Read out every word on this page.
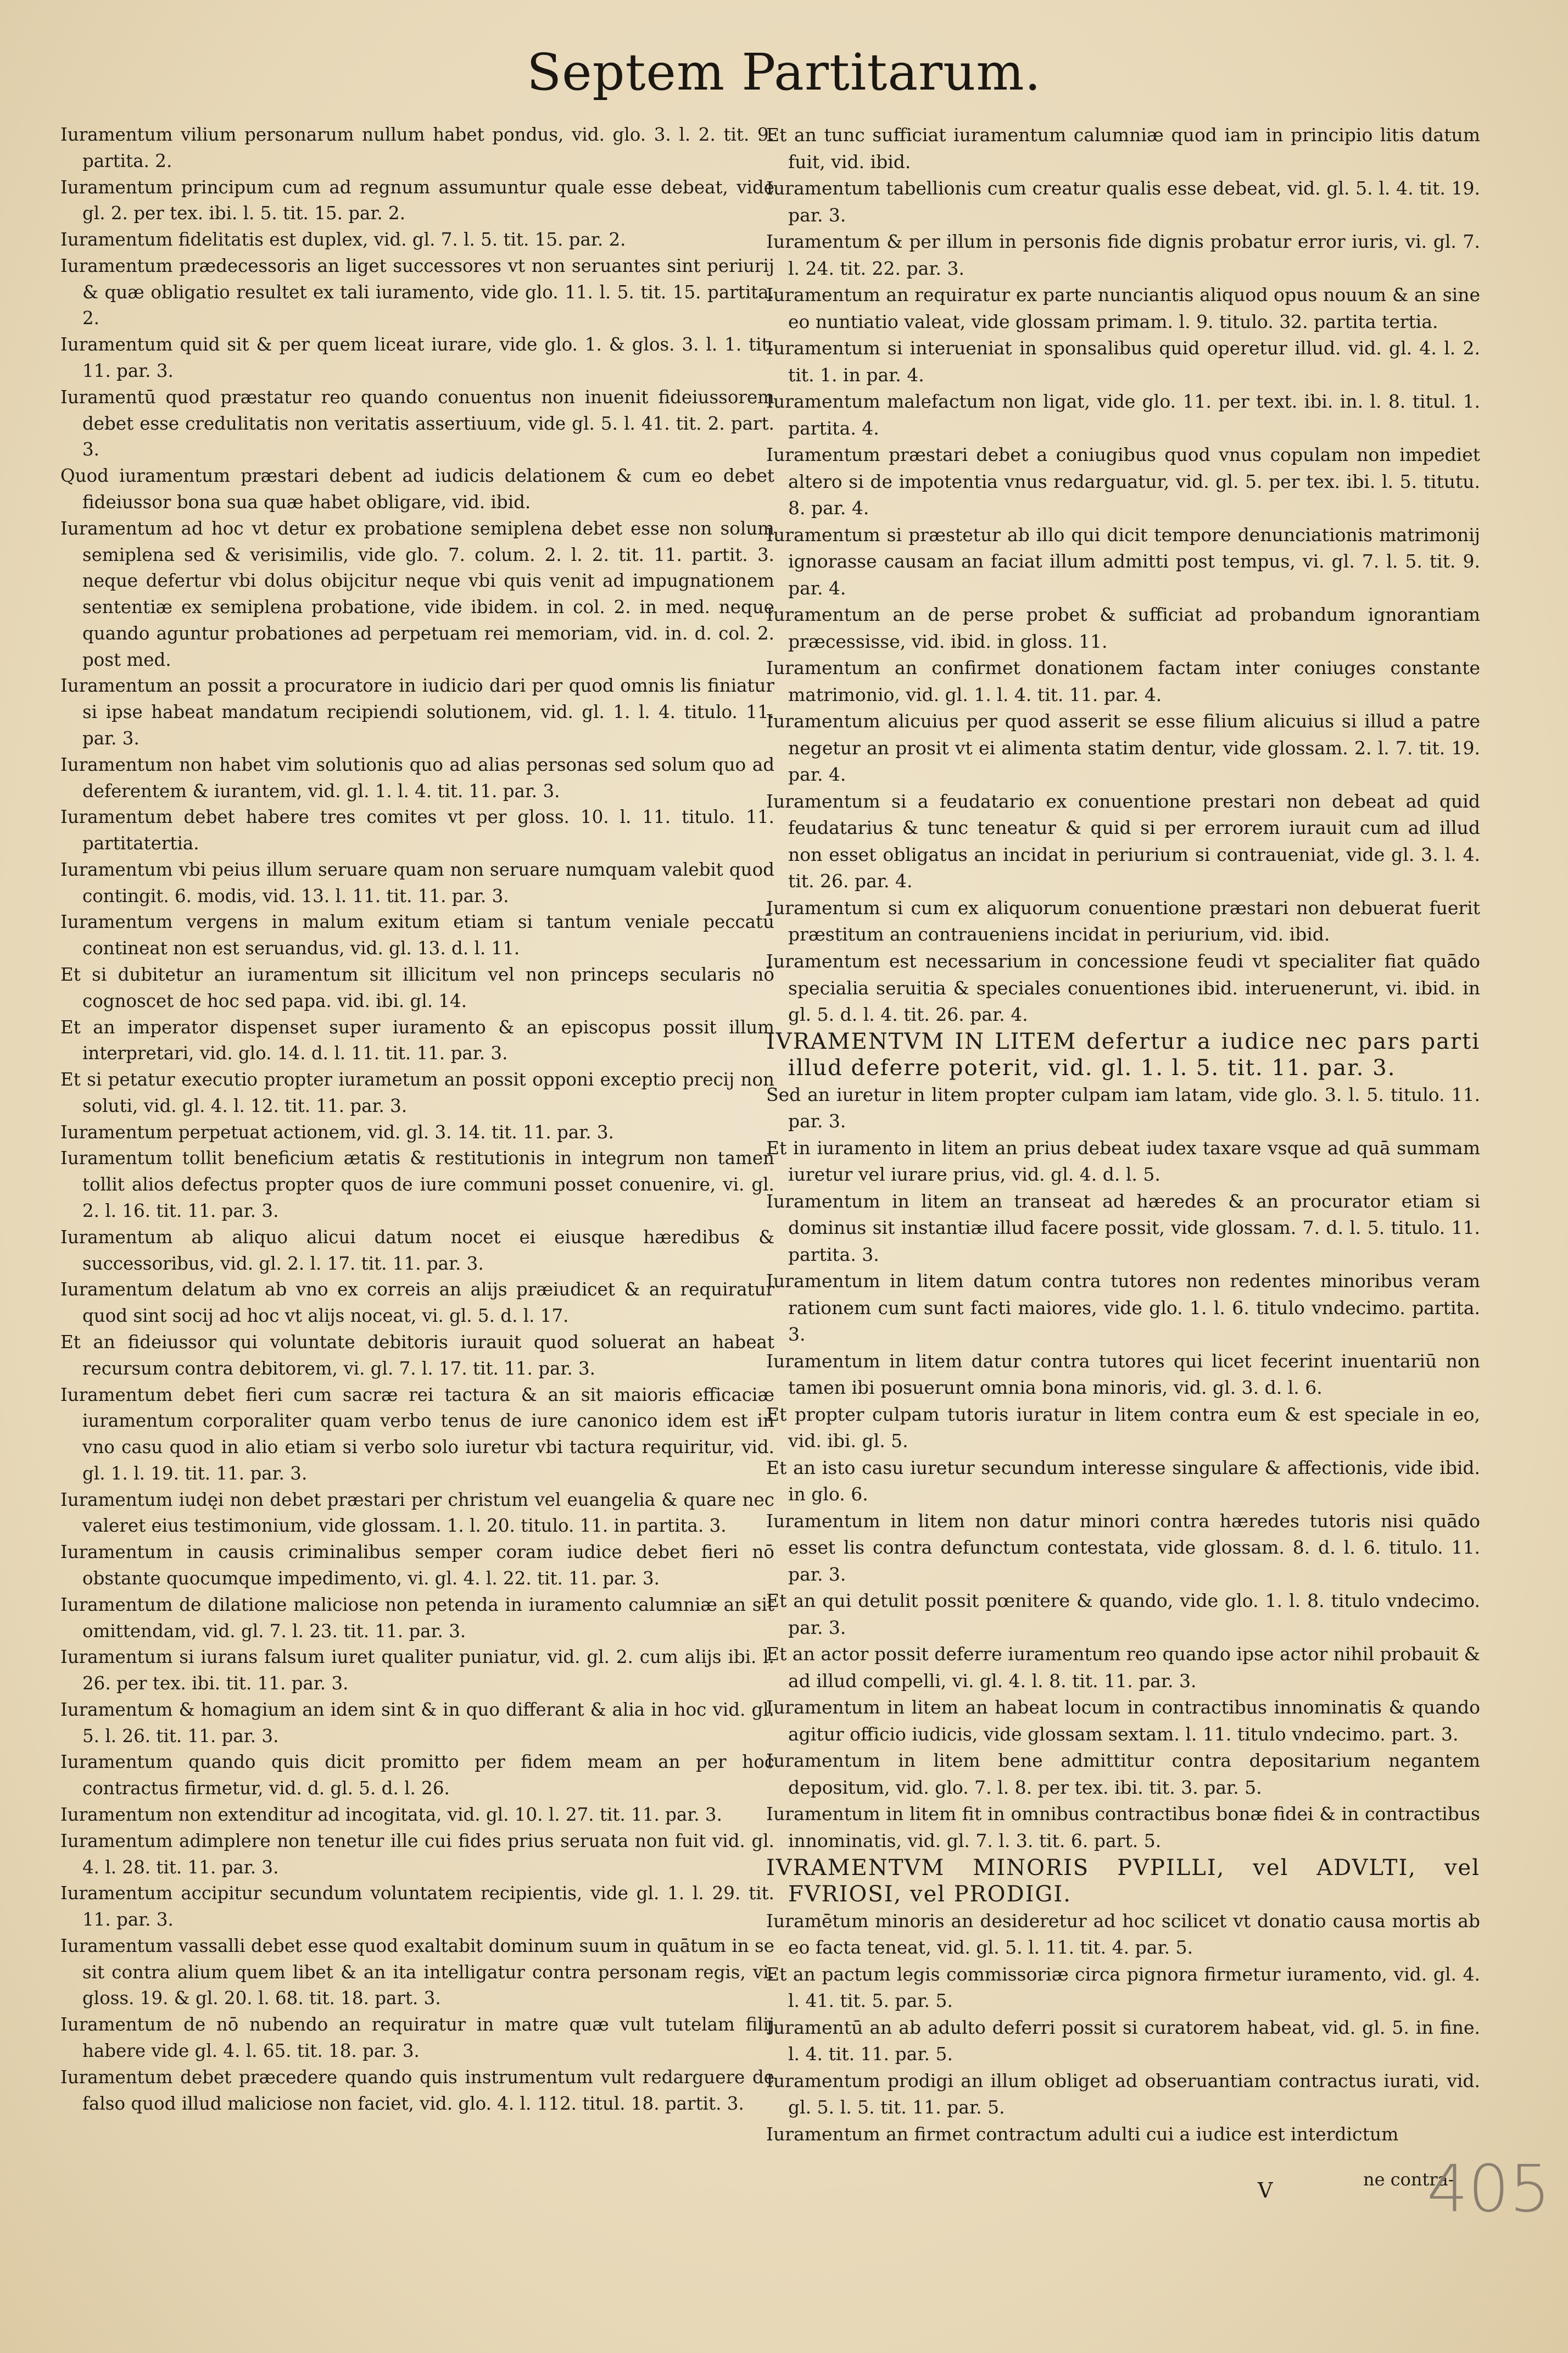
Septem Partitarum.

Iuramentum vilium personarum nullum habet pondus, vid. glo. 3. l. 2. tit. 9. partita. 2.

Iuramentum principum cum ad regnum assumuntur quale esse debeat, vide gl. 2. per tex. ibi. l. 5. tit. 15. par. 2.

Iuramentum fidelitatis est duplex, vid. gl. 7. l. 5. tit. 15. par. 2.

Iuramentum prædecessoris an liget successores vt non seruantes sint periurij & quæ obligatio resultet ex tali iuramento, vide glo. 11. l. 5. tit. 15. partita. 2.

Iuramentum quid sit & per quem liceat iurare, vide glo. 1. & glos. 3. l. 1. tit. 11. par. 3.

Iuramentū quod præstatur reo quando conuentus non inuenit fideiussorem debet esse credulitatis non veritatis assertiuum, vide gl. 5. l. 41. tit. 2. part. 3.

Quod iuramentum præstari debent ad iudicis delationem & cum eo debet fideiussor bona sua quæ habet obligare, vid. ibid.

Iuramentum ad hoc vt detur ex probatione semiplena debet esse non solum semiplena sed & verisimilis, vide glo. 7. colum. 2. l. 2. tit. 11. partit. 3. neque defertur vbi dolus obijcitur neque vbi quis venit ad impugnationem sententiæ ex semiplena probatione, vide ibidem. in col. 2. in med. neque quando aguntur probationes ad perpetuam rei memoriam, vid. in. d. col. 2. post med.

Iuramentum an possit a procuratore in iudicio dari per quod omnis lis finiatur si ipse habeat mandatum recipiendi solutionem, vid. gl. 1. l. 4. titulo. 11. par. 3.

Iuramentum non habet vim solutionis quo ad alias personas sed solum quo ad deferentem & iurantem, vid. gl. 1. l. 4. tit. 11. par. 3.

Iuramentum debet habere tres comites vt per gloss. 10. l. 11. titulo. 11. partitatertia.

Iuramentum vbi peius illum seruare quam non seruare numquam valebit quod contingit. 6. modis, vid. 13. l. 11. tit. 11. par. 3.

Iuramentum vergens in malum exitum etiam si tantum veniale peccatū contineat non est seruandus, vid. gl. 13. d. l. 11.

Et si dubitetur an iuramentum sit illicitum vel non princeps secularis nō cognoscet de hoc sed papa. vid. ibi. gl. 14.

Et an imperator dispenset super iuramento & an episcopus possit illum interpretari, vid. glo. 14. d. l. 11. tit. 11. par. 3.

Et si petatur executio propter iurametum an possit opponi exceptio precij non soluti, vid. gl. 4. l. 12. tit. 11. par. 3.

Iuramentum perpetuat actionem, vid. gl. 3. 14. tit. 11. par. 3.

Iuramentum tollit beneficium ætatis & restitutionis in integrum non tamen tollit alios defectus propter quos de iure communi posset conuenire, vi. gl. 2. l. 16. tit. 11. par. 3.

Iuramentum ab aliquo alicui datum nocet ei eiusque hæredibus & successoribus, vid. gl. 2. l. 17. tit. 11. par. 3.

Iuramentum delatum ab vno ex correis an alijs præiudicet & an requiratur quod sint socij ad hoc vt alijs noceat, vi. gl. 5. d. l. 17.

Et an fideiussor qui voluntate debitoris iurauit quod soluerat an habeat recursum contra debitorem, vi. gl. 7. l. 17. tit. 11. par. 3.

Iuramentum debet fieri cum sacræ rei tactura & an sit maioris efficaciæ iuramentum corporaliter quam verbo tenus de iure canonico idem est in vno casu quod in alio etiam si verbo solo iuretur vbi tactura requiritur, vid. gl. 1. l. 19. tit. 11. par. 3.

Iuramentum iudęi non debet præstari per christum vel euangelia & quare nec valeret eius testimonium, vide glossam. 1. l. 20. titulo. 11. in partita. 3.

Iuramentum in causis criminalibus semper coram iudice debet fieri nō obstante quocumque impedimento, vi. gl. 4. l. 22. tit. 11. par. 3.

Iuramentum de dilatione maliciose non petenda in iuramento calumniæ an sit omittendam, vid. gl. 7. l. 23. tit. 11. par. 3.

Iuramentum si iurans falsum iuret qualiter puniatur, vid. gl. 2. cum alijs ibi. l. 26. per tex. ibi. tit. 11. par. 3.

Iuramentum & homagium an idem sint & in quo differant & alia in hoc vid. gl. 5. l. 26. tit. 11. par. 3.

Iuramentum quando quis dicit promitto per fidem meam an per hoc contractus firmetur, vid. d. gl. 5. d. l. 26.

Iuramentum non extenditur ad incogitata, vid. gl. 10. l. 27. tit. 11. par. 3.

Iuramentum adimplere non tenetur ille cui fides prius seruata non fuit vid. gl. 4. l. 28. tit. 11. par. 3.

Iuramentum accipitur secundum voluntatem recipientis, vide gl. 1. l. 29. tit. 11. par. 3.

Iuramentum vassalli debet esse quod exaltabit dominum suum in quātum in se sit contra alium quem libet & an ita intelligatur contra personam regis, vi. gloss. 19. & gl. 20. l. 68. tit. 18. part. 3.

Iuramentum de nō nubendo an requiratur in matre quæ vult tutelam filij habere vide gl. 4. l. 65. tit. 18. par. 3.

Iuramentum debet præcedere quando quis instrumentum vult redarguere de falso quod illud maliciose non faciet, vid. glo. 4. l. 112. titul. 18. partit. 3.

Et an tunc sufficiat iuramentum calumniæ quod iam in principio litis datum fuit, vid. ibid.

Iuramentum tabellionis cum creatur qualis esse debeat, vid. gl. 5. l. 4. tit. 19. par. 3.

Iuramentum & per illum in personis fide dignis probatur error iuris, vi. gl. 7. l. 24. tit. 22. par. 3.

Iuramentum an requiratur ex parte nunciantis aliquod opus nouum & an sine eo nuntiatio valeat, vide glossam primam. l. 9. titulo. 32. partita tertia.

Iuramentum si interueniat in sponsalibus quid operetur illud. vid. gl. 4. l. 2. tit. 1. in par. 4.

Iuramentum malefactum non ligat, vide glo. 11. per text. ibi. in. l. 8. titul. 1. partita. 4.

Iuramentum præstari debet a coniugibus quod vnus copulam non impediet altero si de impotentia vnus redarguatur, vid. gl. 5. per tex. ibi. l. 5. titutu. 8. par. 4.

Iuramentum si præstetur ab illo qui dicit tempore denunciationis matrimonij ignorasse causam an faciat illum admitti post tempus, vi. gl. 7. l. 5. tit. 9. par. 4.

Iuramentum an de perse probet & sufficiat ad probandum ignorantiam præcessisse, vid. ibid. in gloss. 11.

Iuramentum an confirmet donationem factam inter coniuges constante matrimonio, vid. gl. 1. l. 4. tit. 11. par. 4.

Iuramentum alicuius per quod asserit se esse filium alicuius si illud a patre negetur an prosit vt ei alimenta statim dentur, vide glossam. 2. l. 7. tit. 19. par. 4.

Iuramentum si a feudatario ex conuentione prestari non debeat ad quid feudatarius & tunc teneatur & quid si per errorem iurauit cum ad illud non esset obligatus an incidat in periurium si contraueniat, vide gl. 3. l. 4. tit. 26. par. 4.

Iuramentum si cum ex aliquorum conuentione præstari non debuerat fuerit præstitum an contraueniens incidat in periurium, vid. ibid.

Iuramentum est necessarium in concessione feudi vt specialiter fiat quādo specialia seruitia & speciales conuentiones ibid. interuenerunt, vi. ibid. in gl. 5. d. l. 4. tit. 26. par. 4.

IVRAMENTVM IN LITEM defertur a iudice nec pars parti illud deferre poterit, vid. gl. 1. l. 5. tit. 11. par. 3.

Sed an iuretur in litem propter culpam iam latam, vide glo. 3. l. 5. titulo. 11. par. 3.

Et in iuramento in litem an prius debeat iudex taxare vsque ad quā summam iuretur vel iurare prius, vid. gl. 4. d. l. 5.

Iuramentum in litem an transeat ad hæredes & an procurator etiam si dominus sit instantiæ illud facere possit, vide glossam. 7. d. l. 5. titulo. 11. partita. 3.

Iuramentum in litem datum contra tutores non redentes minoribus veram rationem cum sunt facti maiores, vide glo. 1. l. 6. titulo vndecimo. partita. 3.

Iuramentum in litem datur contra tutores qui licet fecerint inuentariū non tamen ibi posuerunt omnia bona minoris, vid. gl. 3. d. l. 6.

Et propter culpam tutoris iuratur in litem contra eum & est speciale in eo, vid. ibi. gl. 5.

Et an isto casu iuretur secundum interesse singulare & affectionis, vide ibid. in glo. 6.

Iuramentum in litem non datur minori contra hæredes tutoris nisi quādo esset lis contra defunctum contestata, vide glossam. 8. d. l. 6. titulo. 11. par. 3.

Et an qui detulit possit pœnitere & quando, vide glo. 1. l. 8. titulo vndecimo. par. 3.

Et an actor possit deferre iuramentum reo quando ipse actor nihil probauit & ad illud compelli, vi. gl. 4. l. 8. tit. 11. par. 3.

Iuramentum in litem an habeat locum in contractibus innominatis & quando agitur officio iudicis, vide glossam sextam. l. 11. titulo vndecimo. part. 3.

Iuramentum in litem bene admittitur contra depositarium negantem depositum, vid. glo. 7. l. 8. per tex. ibi. tit. 3. par. 5.

Iuramentum in litem fit in omnibus contractibus bonæ fidei & in contractibus innominatis, vid. gl. 7. l. 3. tit. 6. part. 5.

IVRAMENTVM MINORIS PVPILLI, vel ADVLTI, vel FVRIOSI, vel PRODIGI.

Iuramētum minoris an desideretur ad hoc scilicet vt donatio causa mortis ab eo facta teneat, vid. gl. 5. l. 11. tit. 4. par. 5.

Et an pactum legis commissoriæ circa pignora firmetur iuramento, vid. gl. 4. l. 41. tit. 5. par. 5.

Iuramentū an ab adulto deferri possit si curatorem habeat, vid. gl. 5. in fine. l. 4. tit. 11. par. 5.

Iuramentum prodigi an illum obliget ad obseruantiam contractus iurati, vid. gl. 5. l. 5. tit. 11. par. 5.

Iuramentum an firmet contractum adulti cui a iudice est interdictum

V	ne contra-
405
